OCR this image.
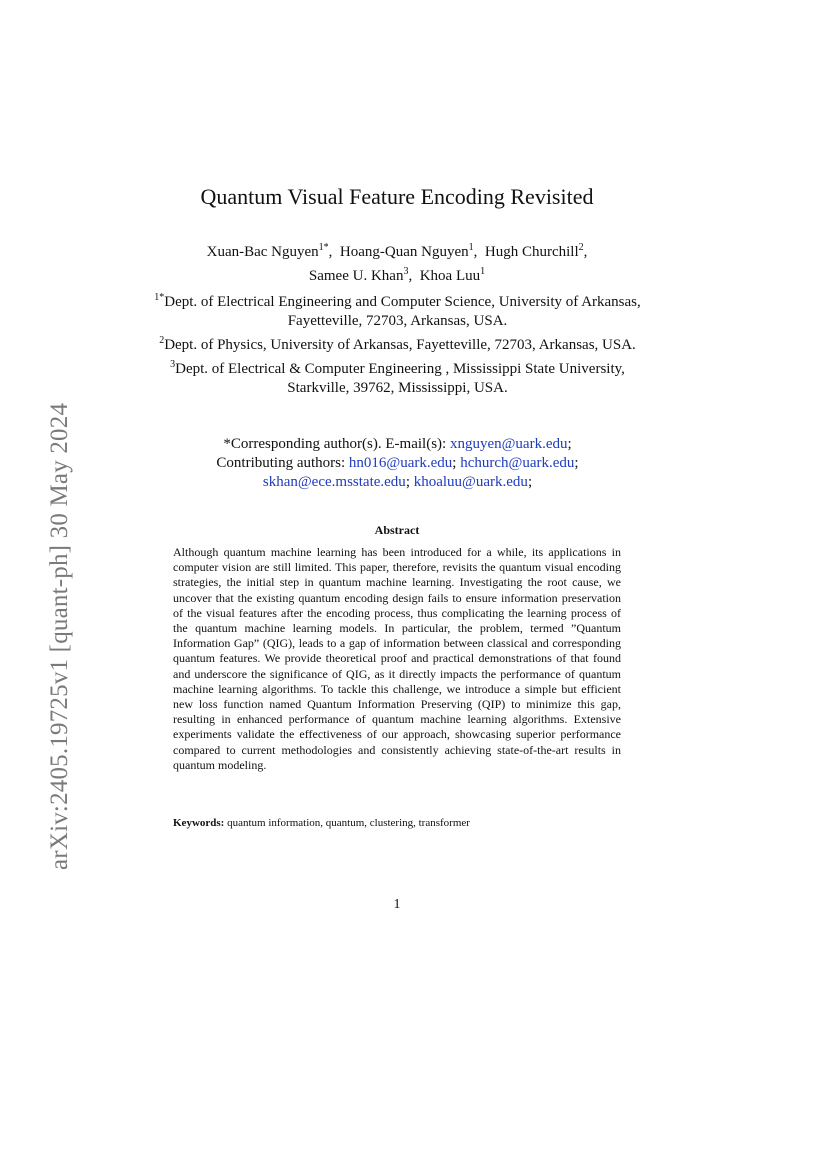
arXiv:2405.19725v1 [quant-ph] 30 May 2024
Quantum Visual Feature Encoding Revisited
Xuan-Bac Nguyen$^{1*}$,  Hoang-Quan Nguyen$^1$,  Hugh Churchill$^2$,
Samee U. Khan$^3$,  Khoa Luu$^1$
$^{1*}$Dept. of Electrical Engineering and Computer Science, University of Arkansas, Fayetteville, 72703, Arkansas, USA.
$^2$Dept. of Physics, University of Arkansas, Fayetteville, 72703, Arkansas, USA.
$^3$Dept. of Electrical & Computer Engineering , Mississippi State University, Starkville, 39762, Mississippi, USA.
*Corresponding author(s). E-mail(s): xnguyen@uark.edu;
Contributing authors: hn016@uark.edu; hchurch@uark.edu;
skhan@ece.msstate.edu; khoaluu@uark.edu;
Abstract
Although quantum machine learning has been introduced for a while, its applications in computer vision are still limited. This paper, therefore, revisits the quantum visual encoding strategies, the initial step in quantum machine learning. Investigating the root cause, we uncover that the existing quantum encoding design fails to ensure information preservation of the visual features after the encoding process, thus complicating the learning process of the quantum machine learning models. In particular, the problem, termed ”Quantum Information Gap” (QIG), leads to a gap of information between classical and corresponding quantum features. We provide theoretical proof and practical demonstrations of that found and underscore the significance of QIG, as it directly impacts the performance of quantum machine learning algorithms. To tackle this challenge, we introduce a simple but efficient new loss function named Quantum Information Preserving (QIP) to minimize this gap, resulting in enhanced performance of quantum machine learning algorithms. Extensive experiments validate the effectiveness of our approach, showcasing superior performance compared to current methodologies and consistently achieving state-of-the-art results in quantum modeling.
Keywords: quantum information, quantum, clustering, transformer
1
